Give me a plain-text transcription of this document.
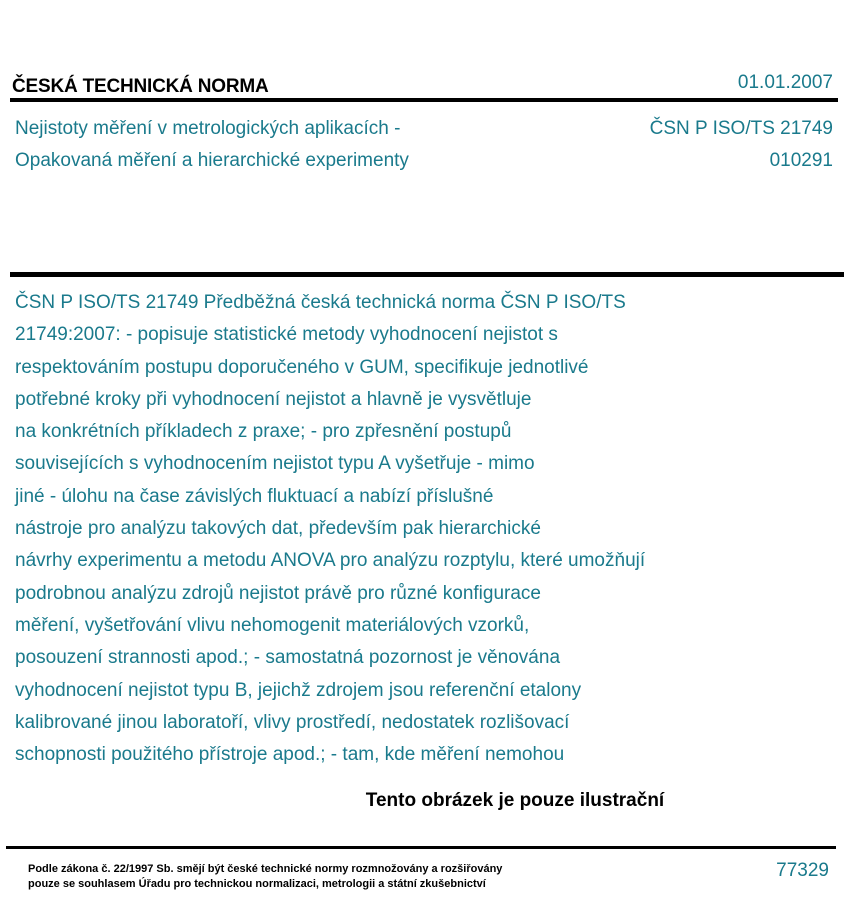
ČESKÁ TECHNICKÁ NORMA	01.01.2007
Nejistoty měření v metrologických aplikacích -
Opakovaná měření a hierarchické experimenty
ČSN P ISO/TS 21749
010291
ČSN P ISO/TS 21749 Předběžná česká technická norma ČSN P ISO/TS
21749:2007: - popisuje statistické metody vyhodnocení nejistot s
respektováním postupu doporučeného v GUM, specifikuje jednotlivé
potřebné kroky při vyhodnocení nejistot a hlavně je vysvětluje
na konkrétních příkladech z praxe; - pro zpřesnění postupů
souvisejících s vyhodnocením nejistot typu A vyšetřuje - mimo
jiné - úlohu na čase závislých fluktuací a nabízí příslušné
nástroje pro analýzu takových dat, především pak hierarchické
návrhy experimentu a metodu ANOVA pro analýzu rozptylu, které umožňují
podrobnou analýzu zdrojů nejistot právě pro různé konfigurace
měření, vyšetřování vlivu nehomogenit materiálových vzorků,
posouzení strannosti apod.; - samostatná pozornost je věnována
vyhodnocení nejistot typu B, jejichž zdrojem jsou referenční etalony
kalibrované jinou laboratoří, vlivy prostředí, nedostatek rozlišovací
schopnosti použitého přístroje apod.; - tam, kde měření nemohou
Tento obrázek je pouze ilustrační
Podle zákona č. 22/1997 Sb. smějí být české technické normy rozmnožovány a rozšiřovány
pouze se souhlasem Úřadu pro technickou normalizaci, metrologii a státní zkušebnictví
77329
